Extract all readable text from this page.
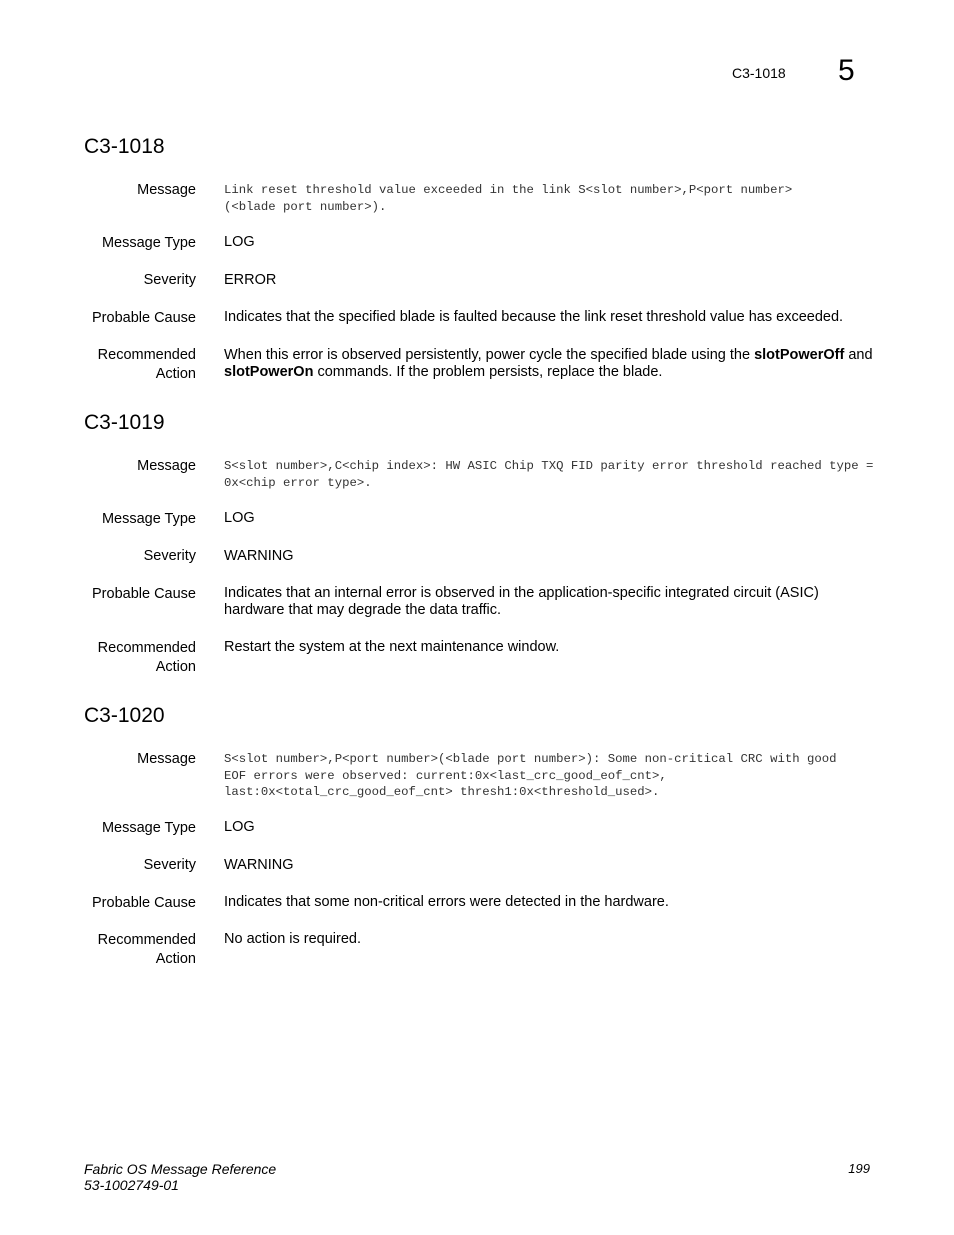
C3-1018 5
C3-1018
Message Link reset threshold value exceeded in the link S<slot number>,P<port number>(<blade port number>).
Message Type LOG
Severity ERROR
Probable Cause Indicates that the specified blade is faulted because the link reset threshold value has exceeded.
Recommended
Action
When this error is observed persistently, power cycle the specified blade using the slotPowerOff and
slotPowerOn commands. If the problem persists, replace the blade.
C3-1019
Message S<slot number>,C<chip index>: HW ASIC Chip TXQ FID parity error threshold reached type = 0x<chip error type>.
Message Type LOG
Severity WARNING
Probable Cause Indicates that an internal error is observed in the application-specific integrated circuit (ASIC) hardware that may degrade the data traffic.
Recommended
Action
Restart the system at the next maintenance window.
C3-1020
Message S<slot number>,P<port number>(<blade port number>): Some non-critical CRC with good EOF errors were observed: current:0x<last_crc_good_eof_cnt>, last:0x<total_crc_good_eof_cnt> thresh1:0x<threshold_used>.
Message Type LOG
Severity WARNING
Probable Cause Indicates that some non-critical errors were detected in the hardware.
Recommended
Action
No action is required.
Fabric OS Message Reference
53-1002749-01
199
